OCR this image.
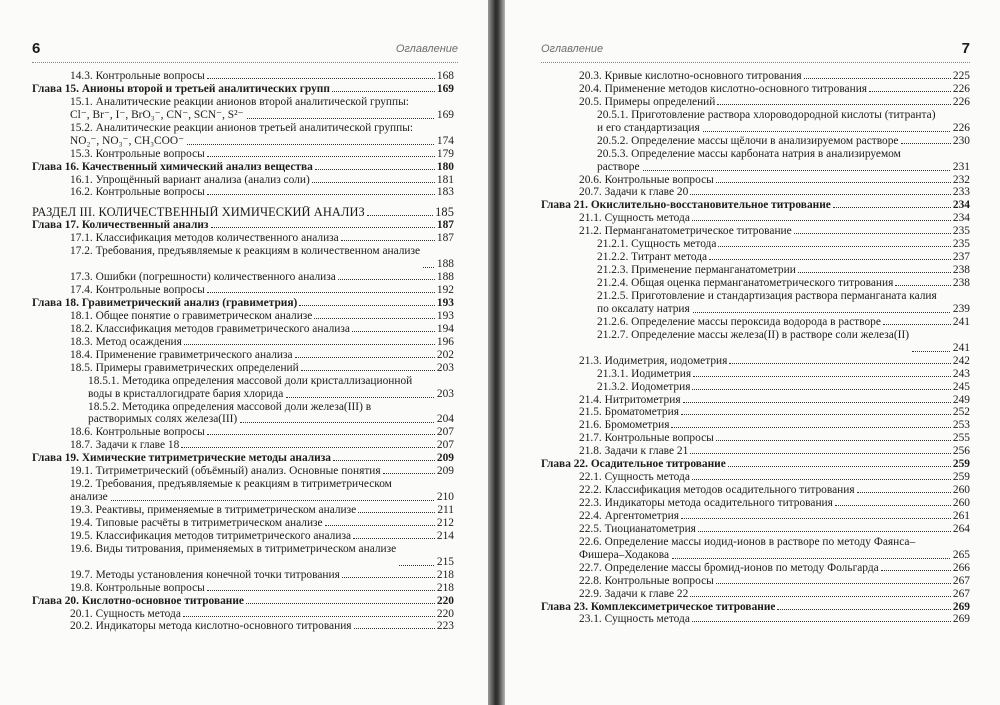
6	Оглавление
14.3. Контрольные вопросы	168
Глава 15. Анионы второй и третьей аналитических групп	169
15.1. Аналитические реакции анионов второй аналитической группы: Cl⁻, Br⁻, I⁻, BrO₃⁻, CN⁻, SCN⁻, S²⁻	169
15.2. Аналитические реакции анионов третьей аналитической группы: NO₂⁻, NO₃⁻, CH₃COO⁻	174
15.3. Контрольные вопросы	179
Глава 16. Качественный химический анализ вещества	180
16.1. Упрощённый вариант анализа (анализ соли)	181
16.2. Контрольные вопросы	183
РАЗДЕЛ III. КОЛИЧЕСТВЕННЫЙ ХИМИЧЕСКИЙ АНАЛИЗ	185
Глава 17. Количественный анализ	187
17.1. Классификация методов количественного анализа	187
17.2. Требования, предъявляемые к реакциям в количественном анализе
188
17.3. Ошибки (погрешности) количественного анализа	188
17.4. Контрольные вопросы	192
Глава 18. Гравиметрический анализ (гравиметрия)	193
18.1. Общее понятие о гравиметрическом анализе	193
18.2. Классификация методов гравиметрического анализа	194
18.3. Метод осаждения	196
18.4. Применение гравиметрического анализа	202
18.5. Примеры гравиметрических определений	203
18.5.1. Методика определения массовой доли кристаллизационной воды в кристаллогидрате бария хлорида	203
18.5.2. Методика определения массовой доли железа(III) в растворимых солях железа(III)	204
18.6. Контрольные вопросы	207
18.7. Задачи к главе 18	207
Глава 19. Химические титриметрические методы анализа	209
19.1. Титриметрический (объёмный) анализ. Основные понятия	209
19.2. Требования, предъявляемые к реакциям в титриметрическом анализе	210
19.3. Реактивы, применяемые в титриметрическом анализе	211
19.4. Типовые расчёты в титриметрическом анализе	212
19.5. Классификация методов титриметрического анализа	214
19.6. Виды титрования, применяемых в титриметрическом анализе
215
19.7. Методы установления конечной точки титрования	218
19.8. Контрольные вопросы	218
Глава 20. Кислотно-основное титрование	220
20.1. Сущность метода	220
20.2. Индикаторы метода кислотно-основного титрования	223
Оглавление	7
20.3. Кривые кислотно-основного титрования	225
20.4. Применение методов кислотно-основного титрования	226
20.5. Примеры определений	226
20.5.1. Приготовление раствора хлороводородной кислоты (титранта) и его стандартизация	226
20.5.2. Определение массы щёлочи в анализируемом растворе	230
20.5.3. Определение массы карбоната натрия в анализируемом растворе	231
20.6. Контрольные вопросы	232
20.7. Задачи к главе 20	233
Глава 21. Окислительно-восстановительное титрование	234
21.1. Сущность метода	234
21.2. Перманганатометрическое титрование	235
21.2.1. Сущность метода	235
21.2.2. Титрант метода	237
21.2.3. Применение перманганатометрии	238
21.2.4. Общая оценка перманганатометрического титрования	238
21.2.5. Приготовление и стандартизация раствора перманганата калия по оксалату натрия	239
21.2.6. Определение массы пероксида водорода в растворе	241
21.2.7. Определение массы железа(II) в растворе соли железа(II)
241
21.3. Иодиметрия, иодометрия	242
21.3.1. Иодиметрия	243
21.3.2. Иодометрия	245
21.4. Нитритометрия	249
21.5. Броматометрия	252
21.6. Бромометрия	253
21.7. Контрольные вопросы	255
21.8. Задачи к главе 21	256
Глава 22. Осадительное титрование	259
22.1. Сущность метода	259
22.2. Классификация методов осадительного титрования	260
22.3. Индикаторы метода осадительного титрования	260
22.4. Аргентометрия	261
22.5. Тиоцианатометрия	264
22.6. Определение массы иодид-ионов в растворе по методу Фаянса–Фишера–Ходакова	265
22.7. Определение массы бромид-ионов по методу Фольгарда	266
22.8. Контрольные вопросы	267
22.9. Задачи к главе 22	267
Глава 23. Комплексиметрическое титрование	269
23.1. Сущность метода	269
